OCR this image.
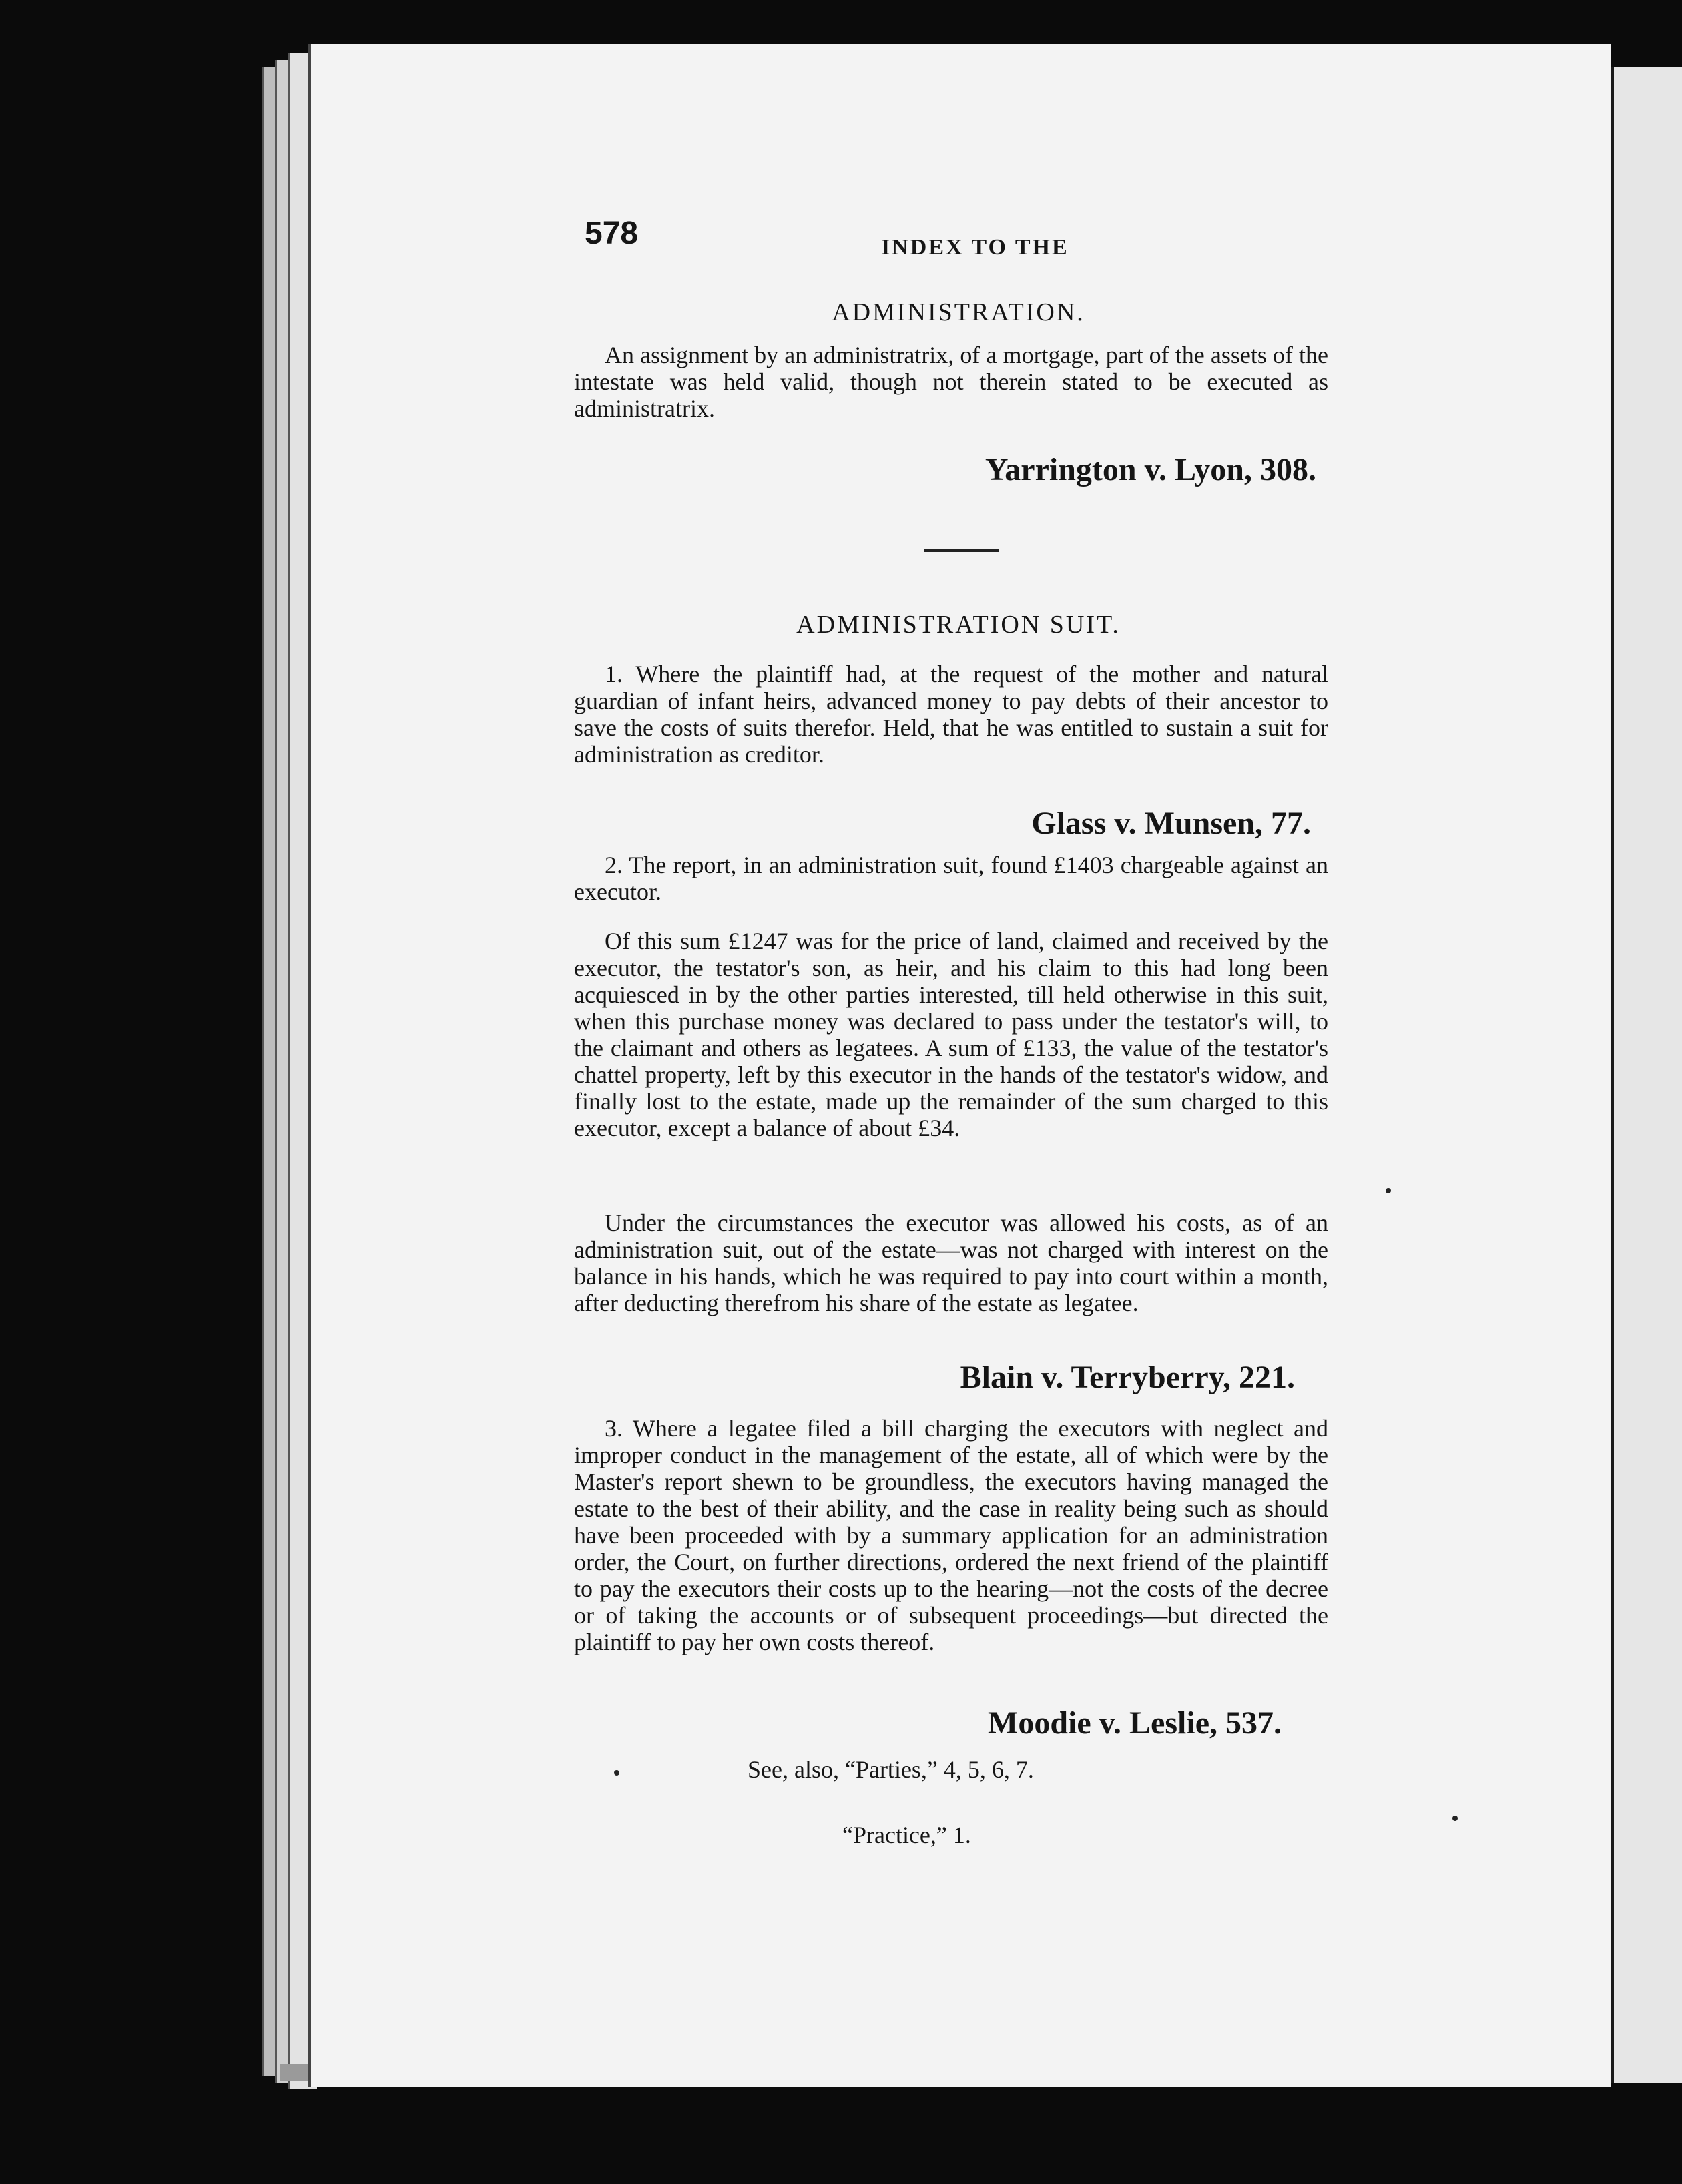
578	INDEX TO THE

ADMINISTRATION.

An assignment by an administratrix, of a mortgage, part of the assets of the intestate was held valid, though not therein stated to be executed as administratrix.

Yarrington v. Lyon, 308.

ADMINISTRATION SUIT.

1. Where the plaintiff had, at the request of the mother and natural guardian of infant heirs, advanced money to pay debts of their ancestor to save the costs of suits therefor. Held, that he was entitled to sustain a suit for administration as creditor.

Glass v. Munsen, 77.

2. The report, in an administration suit, found £1403 chargeable against an executor.

Of this sum £1247 was for the price of land, claimed and received by the executor, the testator's son, as heir, and his claim to this had long been acquiesced in by the other parties interested, till held otherwise in this suit, when this purchase money was declared to pass under the testator's will, to the claimant and others as legatees. A sum of £133, the value of the testator's chattel property, left by this executor in the hands of the testator's widow, and finally lost to the estate, made up the remainder of the sum charged to this executor, except a balance of about £34.

Under the circumstances the executor was allowed his costs, as of an administration suit, out of the estate—was not charged with interest on the balance in his hands, which he was required to pay into court within a month, after deducting therefrom his share of the estate as legatee.

Blain v. Terryberry, 221.

3. Where a legatee filed a bill charging the executors with neglect and improper conduct in the management of the estate, all of which were by the Master's report shewn to be groundless, the executors having managed the estate to the best of their ability, and the case in reality being such as should have been proceeded with by a summary application for an administration order, the Court, on further directions, ordered the next friend of the plaintiff to pay the executors their costs up to the hearing—not the costs of the decree or of taking the accounts or of subsequent proceedings—but directed the plaintiff to pay her own costs thereof.

Moodie v. Leslie, 537.

See, also, “Parties,” 4, 5, 6, 7.

“Practice,” 1.
